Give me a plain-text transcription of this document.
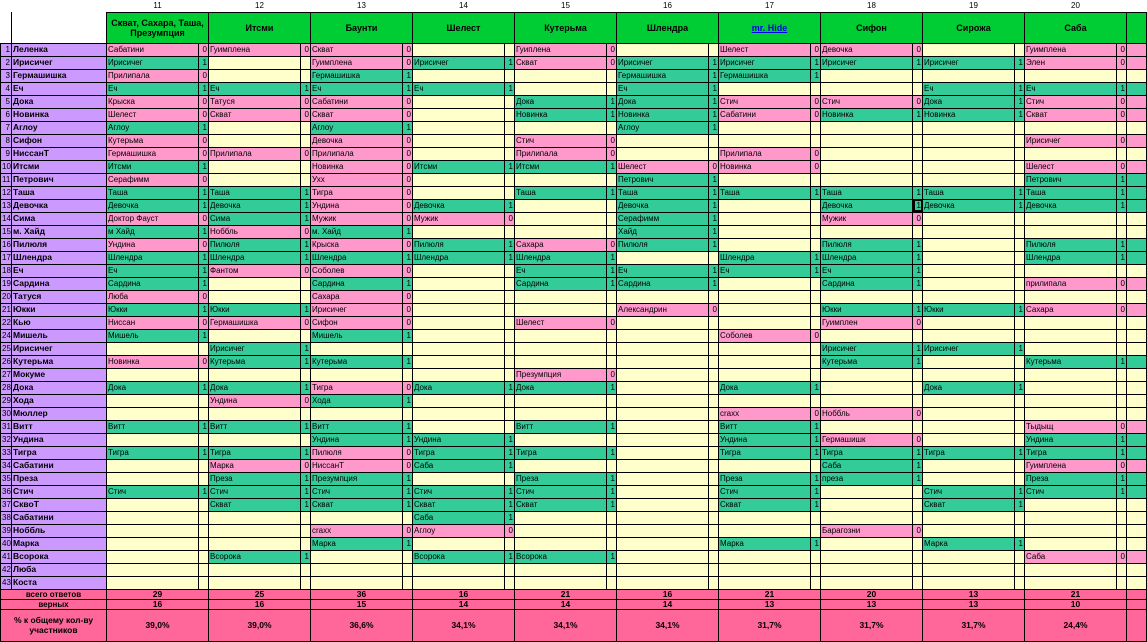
		11		12		13		14		15		16		17		18		19		20		
		Скват, Сахара, Таша, Презумпция		Итсми		Баунти		Шелест		Кутерьма		Шлендра		mr. Hide		Сифон		Сирожа		Саба		
1	Леленка	Сабатини	0	Гуимплена	0	Скват	0			Гуиплена	0			Шелест	0	Девочка	0			Гуимплена	0	
2	Ирисичег	Ирисичег	1			Гуимплена	0	Ирисичег	1	Скват	0	Ирисичег	1	Ирисичег	1	Ирисичег	1	Ирисичег	1	Элен	0	
3	Гермашишка	Прилипала	0			Гермашишка	1					Гермашишка	1	Гермашишка	1							
4	Еч	Еч	1	Еч	1	Еч	1	Еч	1			Еч	1					Еч	1	Еч	1	
5	Дока	Крыска	0	Татуся	0	Сабатини	0			Дока	1	Дока	1	Стич	0	Стич	0	Дока	1	Стич	0	
6	Новинка	Шелест	0	Скват	0	Скват	0			Новинка	1	Новинка	1	Сабатини	0	Новинка	1	Новинка	1	Скват	0	
7	Аглоу	Аглоу	1			Аглоу	1					Аглоу	1									
8	Сифон	Кутерьма	0			Девочка	0			Стич	0									Ирисичег	0	
9	НиссанТ	Гермашишка	0	Прилипала	0	Прилипала	0			Прилипала	0			Прилипала	0							
10	Итсми	Итсми	1			Новинка	0	Итсми	1	Итсми	1	Шелест	0	Новинка	0					Шелест	0	
11	Петрович	Серафимм	0			Ухх	0					Петрович	1							Петрович	1	
12	Таша	Таша	1	Таша	1	Тигра	0			Таша	1	Таша	1	Таша	1	Таша	1	Таша	1	Таша	1	
13	Девочка	Девочка	1	Девочка	1	Ундина	0	Девочка	1			Девочка	1			Девочка	1	Девочка	1	Девочка	1	
14	Сима	Доктор Фауст	0	Сима	1	Мужик	0	Мужик	0			Серафимм	1			Мужик	0					
15	м. Хайд	м Хайд	1	Ноббль	0	м. Хайд	1					Хайд	1									
16	Пилюля	Ундина	0	Пилюля	1	Крыска	0	Пилюля	1	Сахара	0	Пилюля	1			Пилюля	1			Пилюля	1	
17	Шлендра	Шлендра	1	Шлендра	1	Шлендра	1	Шлендра	1	Шлендра	1			Шлендра	1	Шлендра	1			Шлендра	1	
18	Еч	Еч	1	Фантом	0	Соболев	0			Еч	1	Еч	1	Еч	1	Еч	1					
19	Сардина	Сардина	1			Сардина	1			Сардина	1	Сардина	1			Сардина	1			прилипала	0	
20	Татуся	Люба	0			Сахара	0															
21	Юкки	Юкки	1	Юкки	1	Ирисичег	0					Александрин	0			Юкки	1	Юкки	1	Сахара	0	
22	Кью	Ниссан	0	Гермашишка	0	Сифон	0			Шелест	0					Гуимплен	0					
24	Мишель	Мишель	1			Мишель	1							Соболев	0							
25	Ирисичег			Ирисичег	1											Ирисичег	1	Ирисичег	1			
26	Кутерьма	Новинка	0	Кутерьма	1	Кутерьма	1									Кутерьма	1			Кутерьма	1	
27	Мокуме									Презумпция	0											
28	Дока	Дока	1	Дока	1	Тигра	0	Дока	1	Дока	1			Дока	1			Дока	1			
29	Хода			Ундина	0	Хода	1															
30	Мюллер													craxx	0	Ноббль	0					
31	Витт	Витт	1	Витт	1	Витт	1			Витт	1			Витт	1					Тыдыщ	0	
32	Ундина					Ундина	1	Ундина	1					Ундина	1	Гермашишк	0			Ундина	1	
33	Тигра	Тигра	1	Тигра	1	Пилюля	0	Тигра	1	Тигра	1			Тигра	1	Тигра	1	Тигра	1	Тигра	1	
34	Сабатини			Марка	0	НиссанТ	0	Саба	1							Саба	1			Гуимплена	0	
35	Преза			Преза	1	Презумпция	1			Преза	1			Преза	1	преза	1			Преза	1	
36	Стич	Стич	1	Стич	1	Стич	1	Стич	1	Стич	1			Стич	1			Стич	1	Стич	1	
37	СквоТ			Скват	1	Скват	1	Скват	1	Скват	1			Скват	1			Скват	1			
38	Сабатини							Саба	1													
39	Ноббль					crаxx	0	Аглоу	0							Барагозни	0					
40	Марка					Марка	1							Марка	1			Марка	1			
41	Всорока			Всорока	1			Всорока	1	Всорока	1									Саба	0	
42	Люба																					
43	Коста																					
всего ответов		29		25		36		16		21		16		21		20		13		21		
верных		16		16		15		14		14		14		13		13		13		10		
% к общему кол-ву участников		39,0%		39,0%		36,6%		34,1%		34,1%		34,1%		31,7%		31,7%		31,7%		24,4%		
